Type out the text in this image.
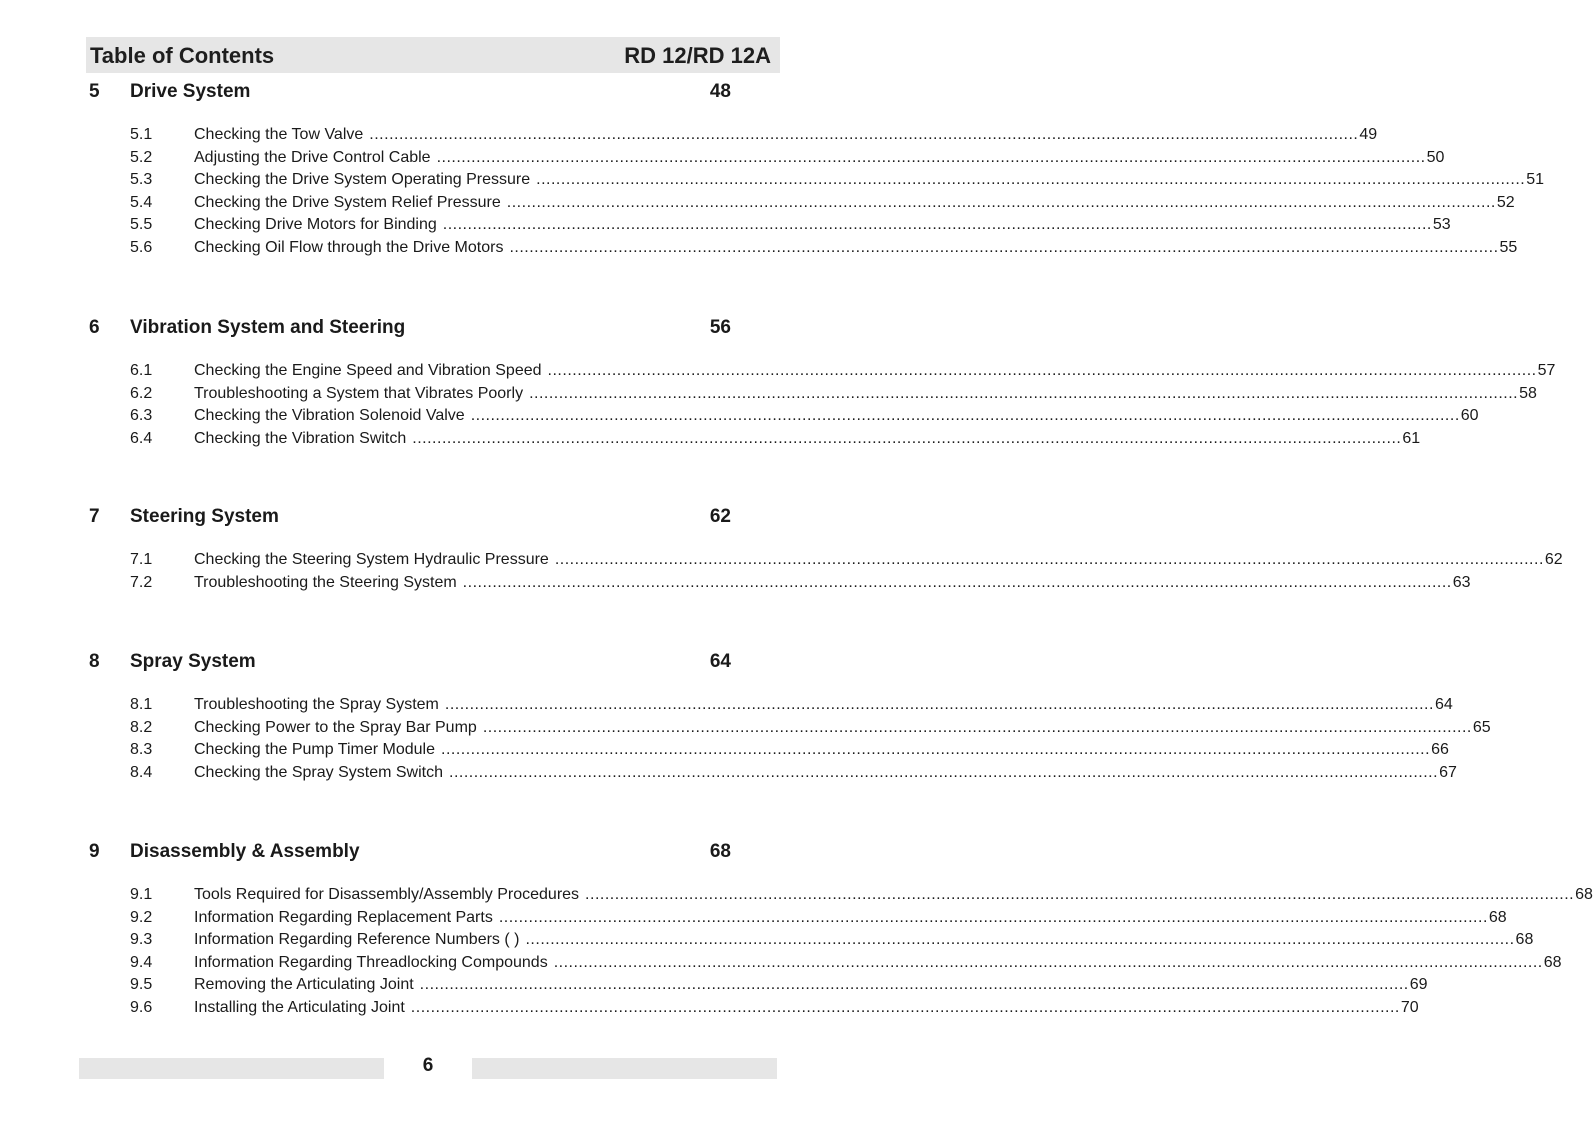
Table of Contents	RD 12/RD 12A
5 Drive System	48
5.1	Checking the Tow Valve ........................................................................................................................................................................................................ 49
5.2	Adjusting the Drive Control Cable ........................................................................................................................................................................................................ 50
5.3	Checking the Drive System Operating Pressure ........................................................................................................................................................................................................ 51
5.4	Checking the Drive System Relief Pressure ........................................................................................................................................................................................................ 52
5.5	Checking Drive Motors for Binding ........................................................................................................................................................................................................ 53
5.6	Checking Oil Flow through the Drive Motors ........................................................................................................................................................................................................ 55
6 Vibration System and Steering	56
6.1	Checking the Engine Speed and Vibration Speed ........................................................................................................................................................................................................ 57
6.2	Troubleshooting a System that Vibrates Poorly ........................................................................................................................................................................................................ 58
6.3	Checking the Vibration Solenoid Valve ........................................................................................................................................................................................................ 60
6.4	Checking the Vibration Switch ........................................................................................................................................................................................................ 61
7 Steering System	62
7.1	Checking the Steering System Hydraulic Pressure ........................................................................................................................................................................................................ 62
7.2	Troubleshooting the Steering System ........................................................................................................................................................................................................ 63
8 Spray System	64
8.1	Troubleshooting the Spray System ........................................................................................................................................................................................................ 64
8.2	Checking Power to the Spray Bar Pump ........................................................................................................................................................................................................ 65
8.3	Checking the Pump Timer Module ........................................................................................................................................................................................................ 66
8.4	Checking the Spray System Switch ........................................................................................................................................................................................................ 67
9 Disassembly & Assembly	68
9.1	Tools Required for Disassembly/Assembly Procedures ........................................................................................................................................................................................................ 68
9.2	Information Regarding Replacement Parts ........................................................................................................................................................................................................ 68
9.3	Information Regarding Reference Numbers ( ) ........................................................................................................................................................................................................ 68
9.4	Information Regarding Threadlocking Compounds ........................................................................................................................................................................................................ 68
9.5	Removing the Articulating Joint ........................................................................................................................................................................................................ 69
9.6	Installing the Articulating Joint ........................................................................................................................................................................................................ 70
6
